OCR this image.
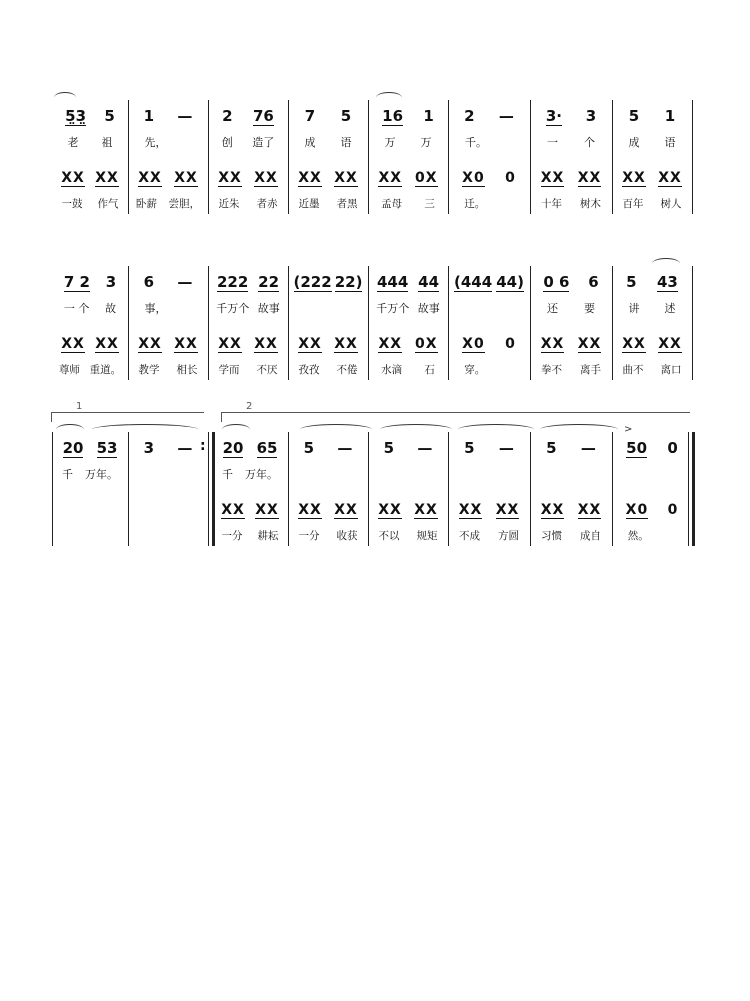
5̤3̤ 5
老 祖
XX XX
一鼓 作气
1 —
先，
XX XX
卧薪 尝胆，
2 76
创 造了
XX XX
近朱 者赤
7 5
成 语
XX XX
近墨 者黑
16 1
万 万
XX 0X
孟母 三
2 —
千。
X0 0
迁。
3· 3
一 个
XX XX
十年 树木
5 1
成 语
XX XX
百年 树人
7 2 3
一 个 故
XX XX
尊师 重道。
6 —
事，
XX XX
教学 相长
222 22
千万个 故事
XX XX
学而 不厌
(222 22)
XX XX
孜孜 不倦
444 44
千万个 故事
XX 0X
水滴 石
(444 44)
X0 0
穿。
0 6 6
还 要
XX XX
拳不 离手
5 43
讲 述
XX XX
曲不 离口
20 53
千 万年。
3 — 20 65
千 万年。
XX XX
一分 耕耘
5 —
XX XX
一分 收获
5 —
XX XX
不以 规矩
5 —
XX XX
不成 方圆
5 —
XX XX
习惯 成自
50 0
X0 0
然。
1	2
:
>
